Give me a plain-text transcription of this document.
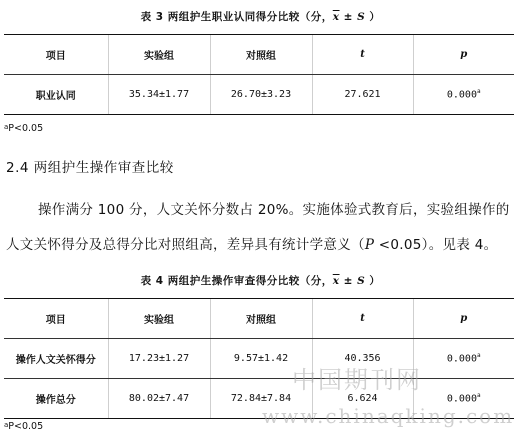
表 3 两组护生职业认同得分比较（分，$\overline{x} \pm S$ ）
项目	实验组	对照组	t	p
职业认同	35.34±1.77	26.70±3.23	27.621	0.000$^a$
$^a$P<0.05
2.4 两组护生操作审查比较
操作满分 100 分，人文关怀分数占 20%。实施体验式教育后，实验组操作的
人文关怀得分及总得分比对照组高，差异具有统计学意义（P <0.05）。见表 4。
表 4 两组护生操作审查得分比较（分，$\overline{x} \pm S$ ）
项目	实验组	对照组	t	p
操作人文关怀得分	17.23±1.27	9.57±1.42	40.356	0.000$^a$
操作总分	80.02±7.47	72.84±7.84	6.624	0.000$^a$
$^a$P<0.05
中国期刊网
www.chinaqking.com
